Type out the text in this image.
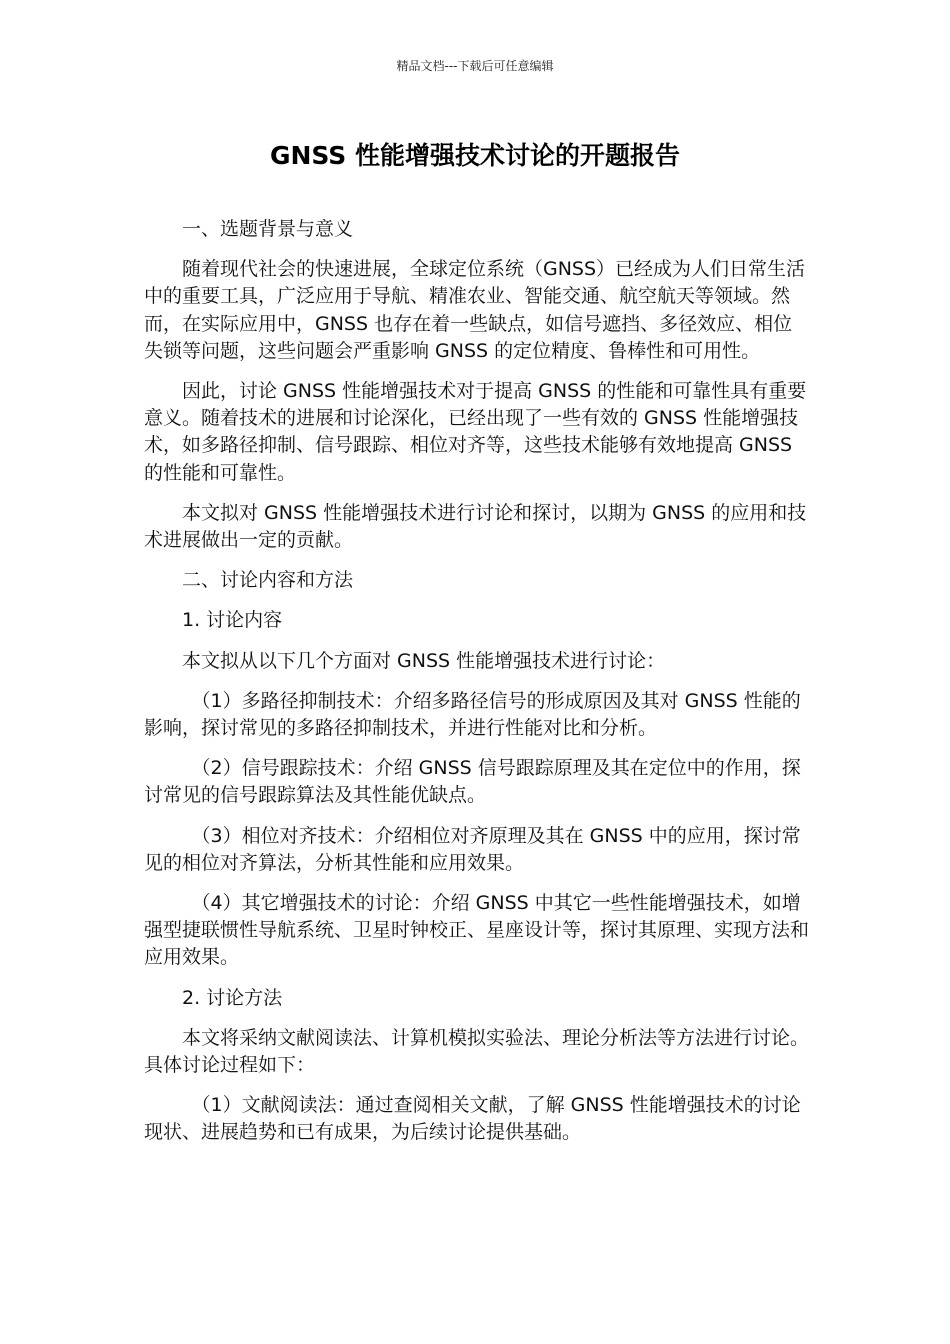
精品文档---下载后可任意编辑
GNSS 性能增强技术讨论的开题报告

一、选题背景与意义

随着现代社会的快速进展，全球定位系统（GNSS）已经成为人们日常生活中的重要工具，广泛应用于导航、精准农业、智能交通、航空航天等领域。然而，在实际应用中，GNSS 也存在着一些缺点，如信号遮挡、多径效应、相位失锁等问题，这些问题会严重影响 GNSS 的定位精度、鲁棒性和可用性。

因此，讨论 GNSS 性能增强技术对于提高 GNSS 的性能和可靠性具有重要意义。随着技术的进展和讨论深化，已经出现了一些有效的 GNSS 性能增强技术，如多路径抑制、信号跟踪、相位对齐等，这些技术能够有效地提高 GNSS 的性能和可靠性。

本文拟对 GNSS 性能增强技术进行讨论和探讨，以期为 GNSS 的应用和技术进展做出一定的贡献。

二、讨论内容和方法

1. 讨论内容

本文拟从以下几个方面对 GNSS 性能增强技术进行讨论：

（1）多路径抑制技术：介绍多路径信号的形成原因及其对 GNSS 性能的影响，探讨常见的多路径抑制技术，并进行性能对比和分析。

（2）信号跟踪技术：介绍 GNSS 信号跟踪原理及其在定位中的作用，探讨常见的信号跟踪算法及其性能优缺点。

（3）相位对齐技术：介绍相位对齐原理及其在 GNSS 中的应用，探讨常见的相位对齐算法，分析其性能和应用效果。

（4）其它增强技术的讨论：介绍 GNSS 中其它一些性能增强技术，如增强型捷联惯性导航系统、卫星时钟校正、星座设计等，探讨其原理、实现方法和应用效果。

2. 讨论方法

本文将采纳文献阅读法、计算机模拟实验法、理论分析法等方法进行讨论。具体讨论过程如下：

（1）文献阅读法：通过查阅相关文献，了解 GNSS 性能增强技术的讨论现状、进展趋势和已有成果，为后续讨论提供基础。
